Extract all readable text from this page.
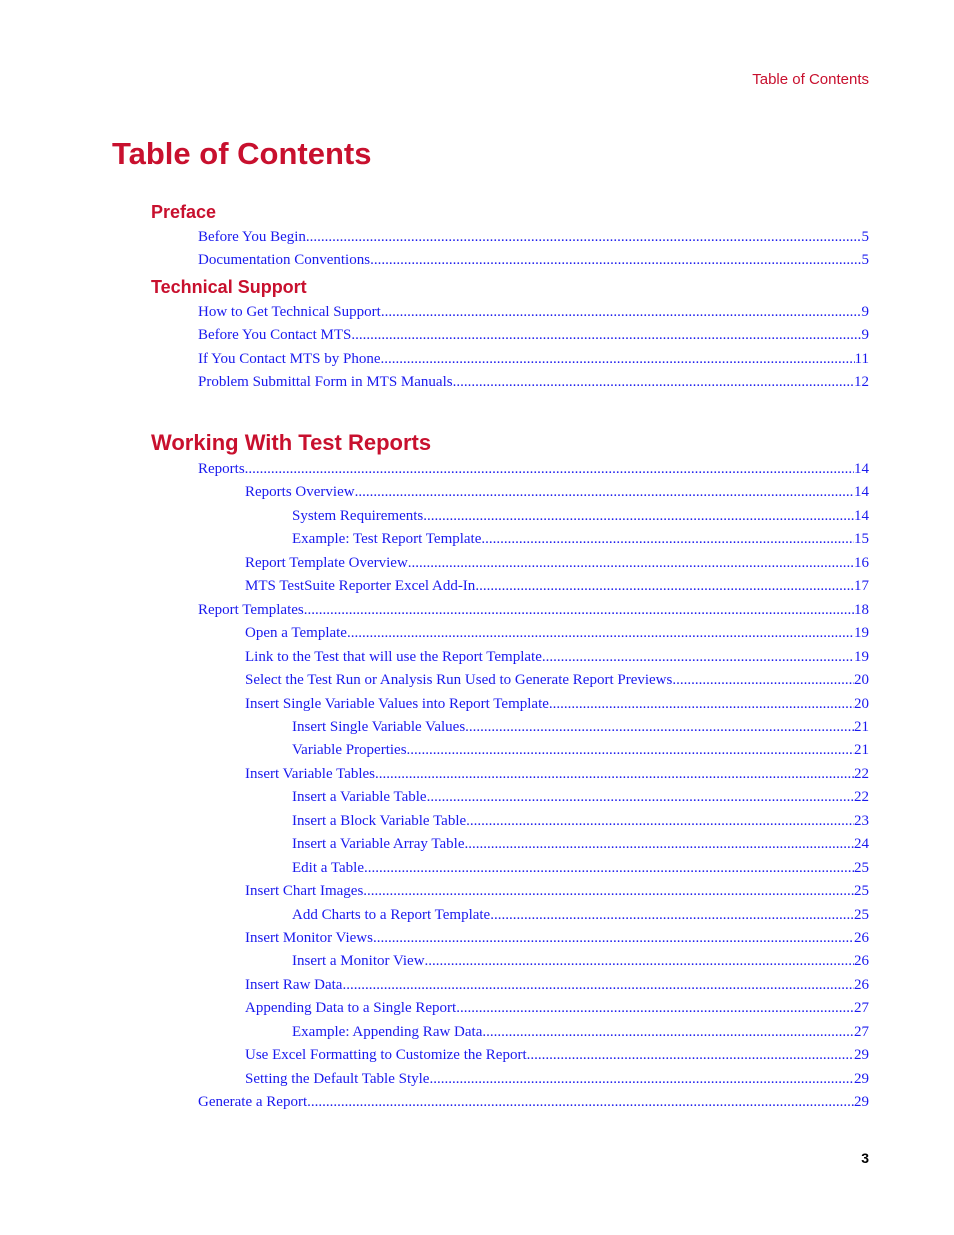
Table of Contents
Table of Contents
Preface
Before You Begin .....	5
Documentation Conventions .....	5
Technical Support
How to Get Technical Support .....	9
Before You Contact MTS .....	9
If You Contact MTS by Phone .....	11
Problem Submittal Form in MTS Manuals .....	12
Working With Test Reports
Reports .....	14
Reports Overview .....	14
System Requirements .....	14
Example: Test Report Template .....	15
Report Template Overview .....	16
MTS TestSuite Reporter Excel Add-In .....	17
Report Templates .....	18
Open a Template .....	19
Link to the Test that will use the Report Template .....	19
Select the Test Run or Analysis Run Used to Generate Report Previews .....	20
Insert Single Variable Values into Report Template .....	20
Insert Single Variable Values .....	21
Variable Properties .....	21
Insert Variable Tables .....	22
Insert a Variable Table .....	22
Insert a Block Variable Table .....	23
Insert a Variable Array Table .....	24
Edit a Table .....	25
Insert Chart Images .....	25
Add Charts to a Report Template .....	25
Insert Monitor Views .....	26
Insert a Monitor View .....	26
Insert Raw Data .....	26
Appending Data to a Single Report .....	27
Example: Appending Raw Data .....	27
Use Excel Formatting to Customize the Report .....	29
Setting the Default Table Style .....	29
Generate a Report .....	29
3
